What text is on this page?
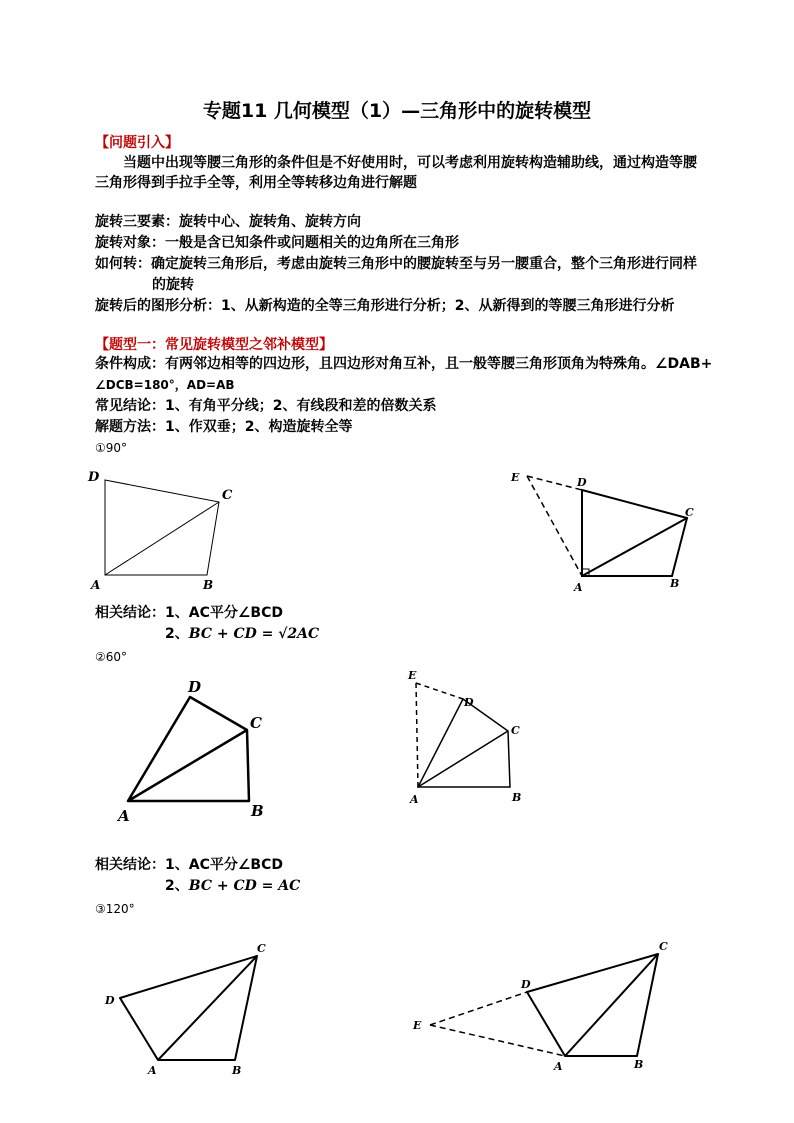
专题11 几何模型（1）—三角形中的旋转模型
【问题引入】
当题中出现等腰三角形的条件但是不好使用时，可以考虑利用旋转构造辅助线，通过构造等腰
三角形得到手拉手全等，利用全等转移边角进行解题
旋转三要素：旋转中心、旋转角、旋转方向
旋转对象：一般是含已知条件或问题相关的边角所在三角形
如何转：确定旋转三角形后，考虑由旋转三角形中的腰旋转至与另一腰重合，整个三角形进行同样
的旋转
旋转后的图形分析：1、从新构造的全等三角形进行分析；2、从新得到的等腰三角形进行分析
【题型一：常见旋转模型之邻补模型】
条件构成：有两邻边相等的四边形，且四边形对角互补，且一般等腰三角形顶角为特殊角。∠DAB+
∠DCB=180°，AD=AB
常见结论：1、有角平分线；2、有线段和差的倍数关系
解题方法：1、作双垂；2、构造旋转全等
①90°
D
C
A	B
E	D
C
A	B
相关结论：1、AC平分∠BCD
2、BC + CD = √2AC
②60°
D
C
A	B
E
D
C
A	B
相关结论：1、AC平分∠BCD
2、BC + CD = AC
③120°
D
C
A	B
E
D
C
A	B
